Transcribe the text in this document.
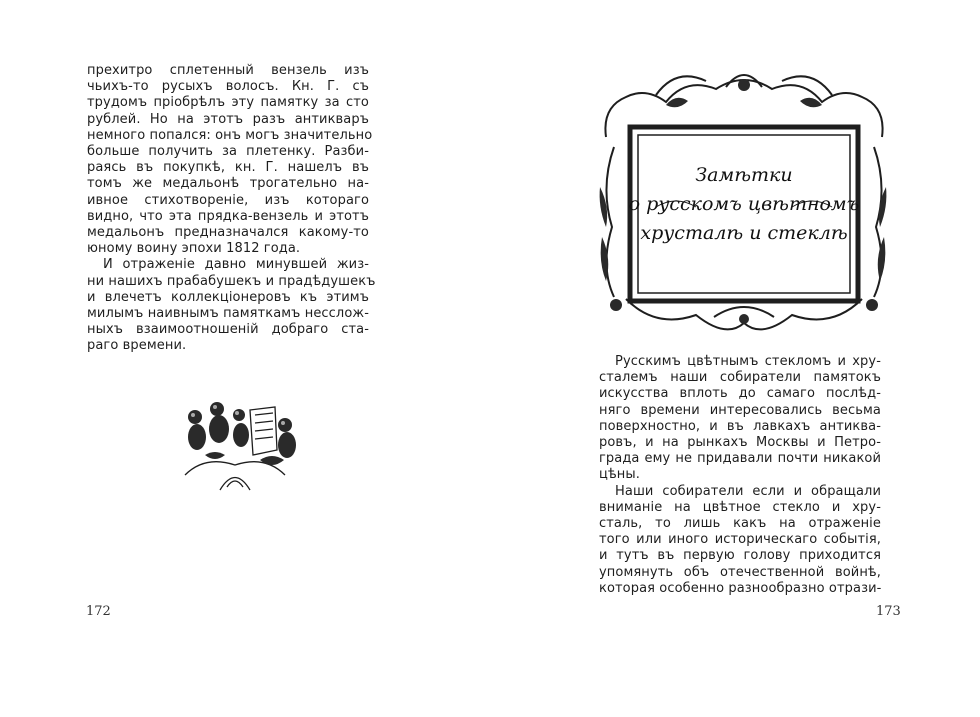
прехитро сплетенный вензель изъ
чьихъ-то русыхъ волосъ. Кн. Г. съ
трудомъ пріобрѣлъ эту памятку за сто
рублей. Но на этотъ разъ антикваръ
немного попался: онъ могъ значительно
больше получить за плетенку. Разби-
раясь въ покупкѣ, кн. Г. нашелъ въ
томъ же медальонѣ трогательно на-
ивное стихотвореніе, изъ котораго
видно, что эта прядка-вензель и этотъ
медальонъ предназначался какому-то
юному воину эпохи 1812 года.
И отраженіе давно минувшей жиз-
ни нашихъ прабабушекъ и прадѣдушекъ
и влечетъ коллекціонеровъ къ этимъ
милымъ наивнымъ памяткамъ несслож-
ныхъ взаимоотношеній добраго ста-
раго времени.
172
Замѣтки
о русскомъ цвѣтномъ
хрусталѣ и стеклѣ
Русскимъ цвѣтнымъ стекломъ и хру-
сталемъ наши собиратели памятокъ
искусства вплоть до самаго послѣд-
няго времени интересовались весьма
поверхностно, и въ лавкахъ антиква-
ровъ, и на рынкахъ Москвы и Петро-
града ему не придавали почти никакой
цѣны.
Наши собиратели если и обращали
вниманіе на цвѣтное стекло и хру-
сталь, то лишь какъ на отраженіе
того или иного историческаго событія,
и тутъ въ первую голову приходится
упомянуть объ отечественной войнѣ,
которая особенно разнообразно отрази-
173
